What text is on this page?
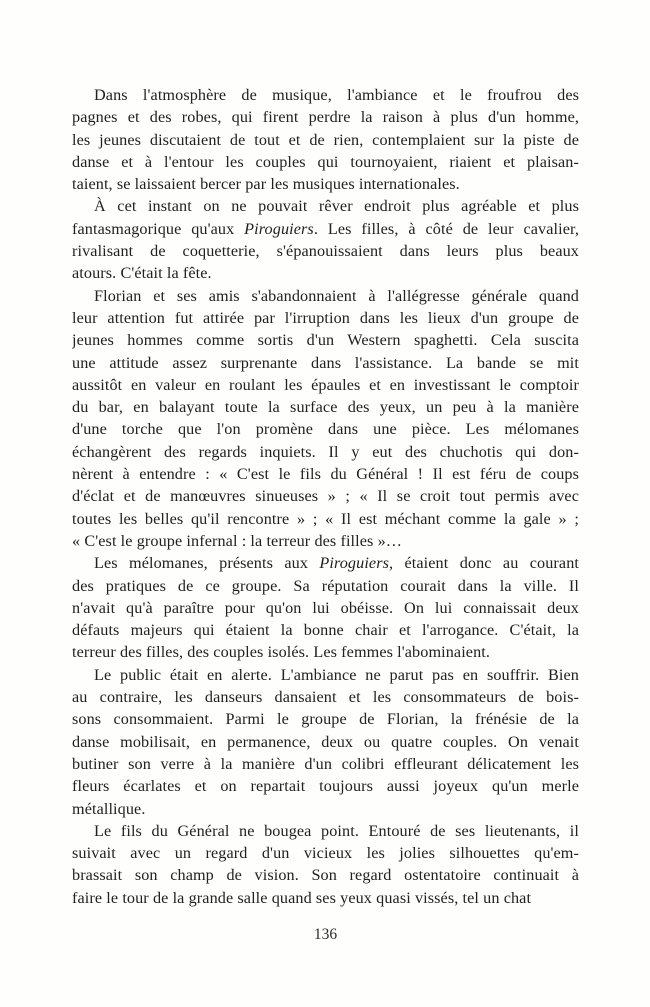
Dans l'atmosphère de musique, l'ambiance et le froufrou des
pagnes et des robes, qui firent perdre la raison à plus d'un homme,
les jeunes discutaient de tout et de rien, contemplaient sur la piste de
danse et à l'entour les couples qui tournoyaient, riaient et plaisan-
taient, se laissaient bercer par les musiques internationales.
À cet instant on ne pouvait rêver endroit plus agréable et plus
fantasmagorique qu'aux Piroguiers. Les filles, à côté de leur cavalier,
rivalisant de coquetterie, s'épanouissaient dans leurs plus beaux
atours. C'était la fête.
Florian et ses amis s'abandonnaient à l'allégresse générale quand
leur attention fut attirée par l'irruption dans les lieux d'un groupe de
jeunes hommes comme sortis d'un Western spaghetti. Cela suscita
une attitude assez surprenante dans l'assistance. La bande se mit
aussitôt en valeur en roulant les épaules et en investissant le comptoir
du bar, en balayant toute la surface des yeux, un peu à la manière
d'une torche que l'on promène dans une pièce. Les mélomanes
échangèrent des regards inquiets. Il y eut des chuchotis qui don-
nèrent à entendre : « C'est le fils du Général ! Il est féru de coups
d'éclat et de manœuvres sinueuses » ; « Il se croit tout permis avec
toutes les belles qu'il rencontre » ; « Il est méchant comme la gale » ;
« C'est le groupe infernal : la terreur des filles »…
Les mélomanes, présents aux Piroguiers, étaient donc au courant
des pratiques de ce groupe. Sa réputation courait dans la ville. Il
n'avait qu'à paraître pour qu'on lui obéisse. On lui connaissait deux
défauts majeurs qui étaient la bonne chair et l'arrogance. C'était, la
terreur des filles, des couples isolés. Les femmes l'abominaient.
Le public était en alerte. L'ambiance ne parut pas en souffrir. Bien
au contraire, les danseurs dansaient et les consommateurs de bois-
sons consommaient. Parmi le groupe de Florian, la frénésie de la
danse mobilisait, en permanence, deux ou quatre couples. On venait
butiner son verre à la manière d'un colibri effleurant délicatement les
fleurs écarlates et on repartait toujours aussi joyeux qu'un merle
métallique.
Le fils du Général ne bougea point. Entouré de ses lieutenants, il
suivait avec un regard d'un vicieux les jolies silhouettes qu'em-
brassait son champ de vision. Son regard ostentatoire continuait à
faire le tour de la grande salle quand ses yeux quasi vissés, tel un chat
136
